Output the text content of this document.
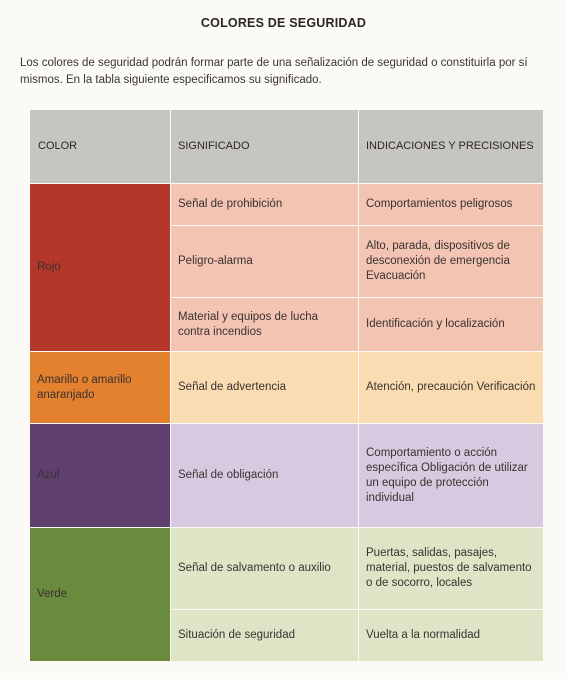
COLORES DE SEGURIDAD
Los colores de seguridad podrán formar parte de una señalización de seguridad o constituirla por sí mismos. En la tabla siguiente especificamos su significado.
COLOR	SIGNIFICADO	INDICACIONES Y PRECISIONES
Rojo	Señal de prohibición	Comportamientos peligrosos
	Peligro-alarma	Alto, parada, dispositivos de desconexión de emergencia Evacuación
	Material y equipos de lucha contra incendios	Identificación y localización
Amarillo o amarillo anaranjado	Señal de advertencia	Atención, precaución Verificación
Azul	Señal de obligación	Comportamiento o acción específica Obligación de utilizar un equipo de protección individual
Verde	Señal de salvamento o auxilio	Puertas, salidas, pasajes, material, puestos de salvamento o de socorro, locales
	Situación de seguridad	Vuelta a la normalidad
